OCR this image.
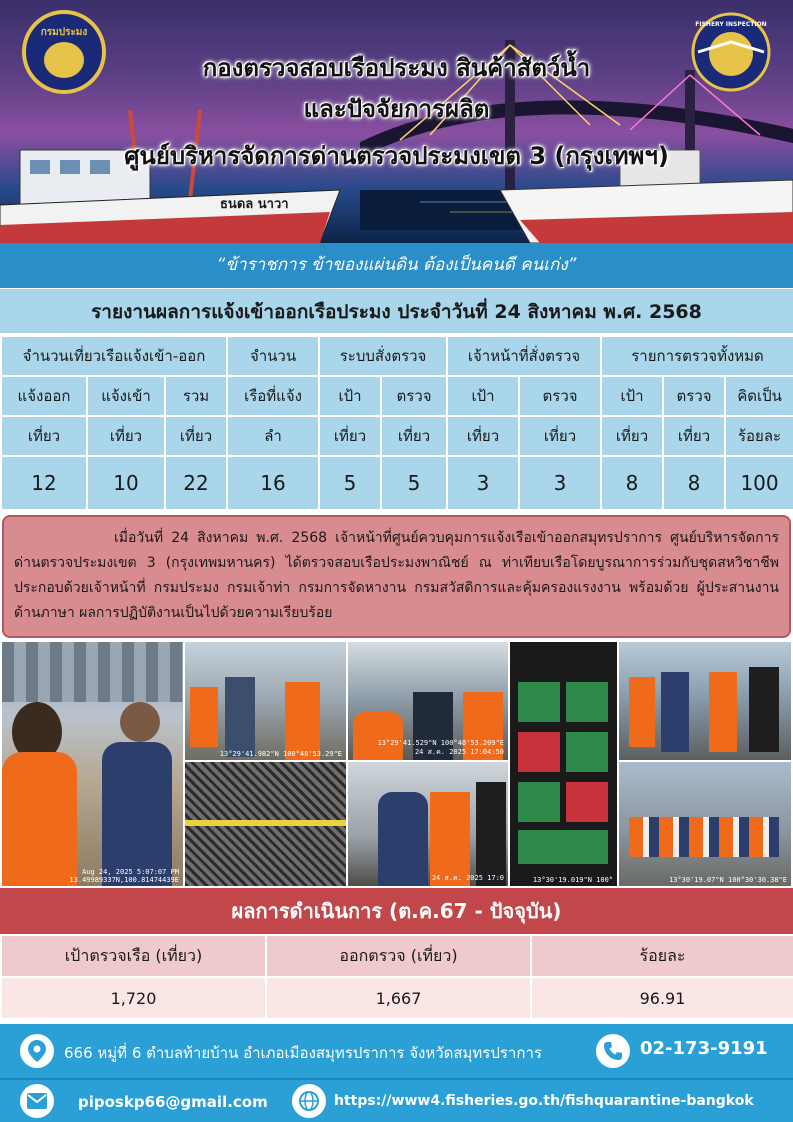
ธนดล นาวา
กรมประมง
FISHERY INSPECTION
กองตรวจสอบเรือประมง สินค้าสัตว์น้ำ
และปัจจัยการผลิต
ศูนย์บริหารจัดการด่านตรวจประมงเขต 3 (กรุงเทพฯ)
“ข้าราชการ ข้าของแผ่นดิน ต้องเป็นคนดี คนเก่ง”
รายงานผลการแจ้งเข้าออกเรือประมง ประจำวันที่ 24 สิงหาคม พ.ศ. 2568
จำนวนเที่ยวเรือแจ้งเข้า-ออก			จำนวน	ระบบสั่งตรวจ		เจ้าหน้าที่สั่งตรวจ		รายการตรวจทั้งหมด		
แจ้งออก	แจ้งเข้า	รวม	เรือที่แจ้ง	เป้า	ตรวจ	เป้า	ตรวจ	เป้า	ตรวจ	คิดเป็น
เที่ยว	เที่ยว	เที่ยว	ลำ	เที่ยว	เที่ยว	เที่ยว	เที่ยว	เที่ยว	เที่ยว	ร้อยละ
12	10	22	16	5	5	3	3	8	8	100

เมื่อวันที่ 24 สิงหาคม พ.ศ. 2568 เจ้าหน้าที่ศูนย์ควบคุมการแจ้งเรือเข้าออกสมุทรปราการ ศูนย์บริหารจัดการด่านตรวจประมงเขต 3 (กรุงเทพมหานคร) ได้ตรวจสอบเรือประมงพาณิชย์ ณ ท่าเทียบเรือโดยบูรณาการร่วมกับชุดสหวิชาชีพ ประกอบด้วยเจ้าหน้าที่ กรมประมง กรมเจ้าท่า กรมการจัดหางาน กรมสวัสดิการและคุ้มครองแรงงาน พร้อมด้วย ผู้ประสานงานด้านภาษา ผลการปฏิบัติงานเป็นไปด้วยความเรียบร้อย

Aug 24, 2025 5:07:07 PM
13.49989337N,100.81474439E
13°29'41.982"N 100°48'53.29"E
13°29'41.529"N 100°48'53.209"E
24 ส.ค. 2025 17:04:50
24 ส.ค. 2025 17:0	13°30'19.019"N 100°	13°30'19.07"N 100°30'30.38"E
ผลการดำเนินการ (ต.ค.67 - ปัจจุบัน)
เป้าตรวจเรือ (เที่ยว)	ออกตรวจ (เที่ยว)	ร้อยละ
1,720	1,667	96.91
666 หมู่ที่ 6 ตำบลท้ายบ้าน อำเภอเมืองสมุทรปราการ จังหวัดสมุทรปราการ	02-173-9191
piposkp66@gmail.com	https://www4.fisheries.go.th/fishquarantine-bangkok
